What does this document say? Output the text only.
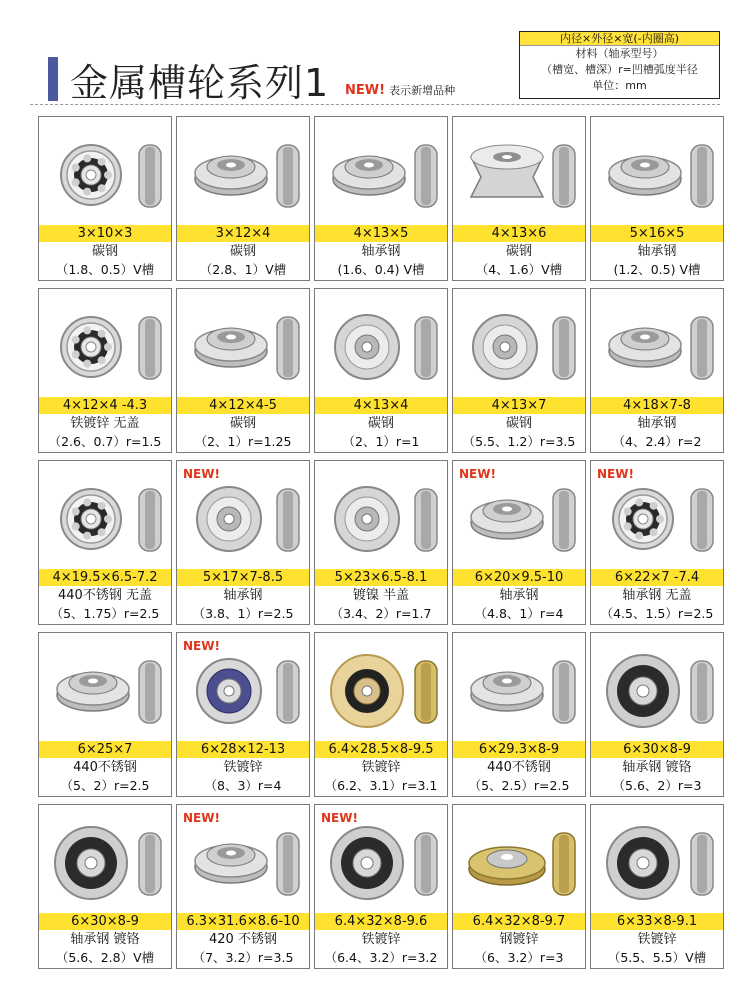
金属槽轮系列1 NEW! 表示新增品种
内径×外径×宽(-内圈高)
材料（轴承型号）
（槽宽、槽深）r=凹槽弧度半径
单位：mm
3×10×3
碳钢
（1.8、0.5）V槽
3×12×4
碳钢
（2.8、1）V槽
4×13×5
轴承钢
(1.6、0.4) V槽
4×13×6
碳钢
（4、1.6）V槽
5×16×5
轴承钢
(1.2、0.5) V槽
4×12×4 -4.3
铁镀锌 无盖
（2.6、0.7）r=1.5
4×12×4-5
碳钢
（2、1）r=1.25
4×13×4
碳钢
（2、1）r=1
4×13×7
碳钢
（5.5、1.2）r=3.5
4×18×7-8
轴承钢
（4、2.4）r=2
4×19.5×6.5-7.2
440不锈钢 无盖
（5、1.75）r=2.5
NEW!
5×17×7-8.5
轴承钢
（3.8、1）r=2.5
5×23×6.5-8.1
镀镍 半盖
（3.4、2）r=1.7
NEW!
6×20×9.5-10
轴承钢
（4.8、1）r=4
NEW!
6×22×7 -7.4
轴承钢 无盖
（4.5、1.5）r=2.5
6×25×7
440不锈钢
（5、2）r=2.5
NEW!
6×28×12-13
铁镀锌
（8、3）r=4
6.4×28.5×8-9.5
铁镀锌
（6.2、3.1）r=3.1
6×29.3×8-9
440不锈钢
（5、2.5）r=2.5
6×30×8-9
轴承钢 镀铬
（5.6、2）r=3
6×30×8-9
轴承钢 镀铬
（5.6、2.8）V槽
NEW!
6.3×31.6×8.6-10
420 不锈钢
（7、3.2）r=3.5
NEW!
6.4×32×8-9.6
铁镀锌
（6.4、3.2）r=3.2
6.4×32×8-9.7
钢镀锌
（6、3.2）r=3
6×33×8-9.1
铁镀锌
（5.5、5.5）V槽
